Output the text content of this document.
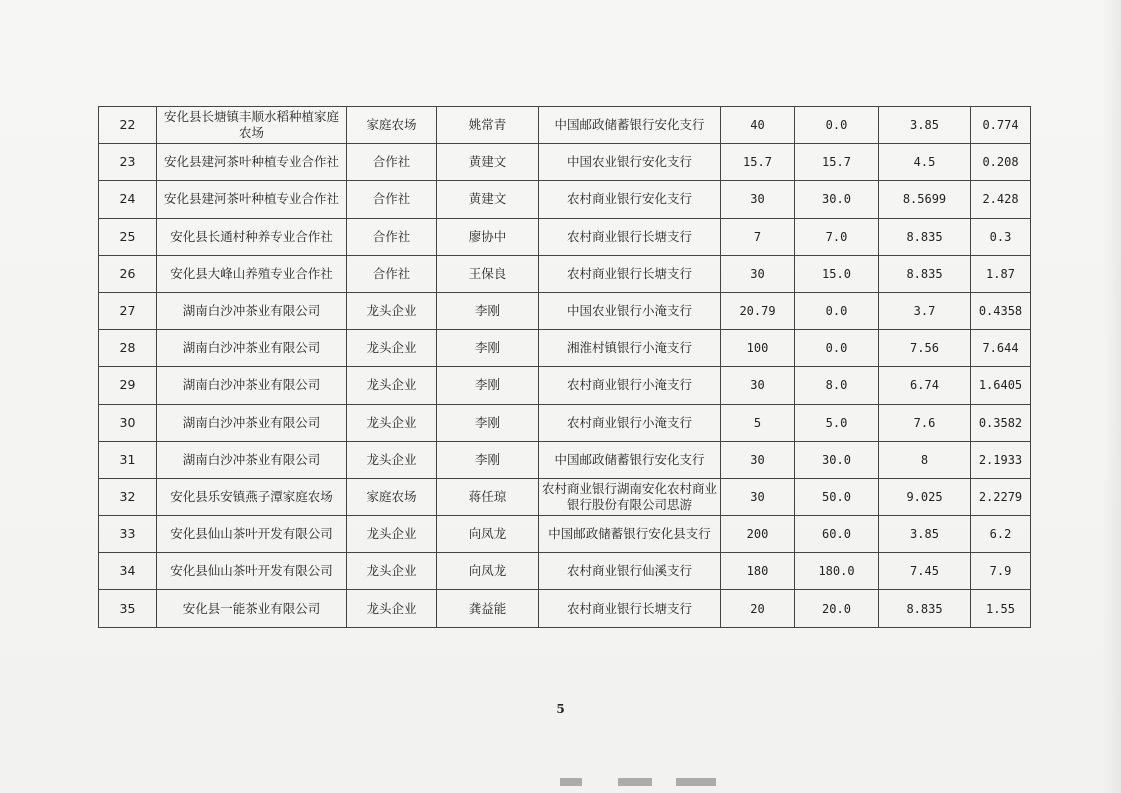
22	安化县长塘镇丰顺水稻种植家庭农场	家庭农场	姚常青	中国邮政储蓄银行安化支行	40	0.0	3.85	0.774
23	安化县建河茶叶种植专业合作社	合作社	黄建文	中国农业银行安化支行	15.7	15.7	4.5	0.208
24	安化县建河茶叶种植专业合作社	合作社	黄建文	农村商业银行安化支行	30	30.0	8.5699	2.428
25	安化县长通村种养专业合作社	合作社	廖协中	农村商业银行长塘支行	7	7.0	8.835	0.3
26	安化县大峰山养殖专业合作社	合作社	王保良	农村商业银行长塘支行	30	15.0	8.835	1.87
27	湖南白沙冲茶业有限公司	龙头企业	李刚	中国农业银行小淹支行	20.79	0.0	3.7	0.4358
28	湖南白沙冲茶业有限公司	龙头企业	李刚	湘淮村镇银行小淹支行	100	0.0	7.56	7.644
29	湖南白沙冲茶业有限公司	龙头企业	李刚	农村商业银行小淹支行	30	8.0	6.74	1.6405
30	湖南白沙冲茶业有限公司	龙头企业	李刚	农村商业银行小淹支行	5	5.0	7.6	0.3582
31	湖南白沙冲茶业有限公司	龙头企业	李刚	中国邮政储蓄银行安化支行	30	30.0	8	2.1933
32	安化县乐安镇燕子潭家庭农场	家庭农场	蒋任琼	农村商业银行湖南安化农村商业银行股份有限公司思游	30	50.0	9.025	2.2279
33	安化县仙山茶叶开发有限公司	龙头企业	向凤龙	中国邮政储蓄银行安化县支行	200	60.0	3.85	6.2
34	安化县仙山茶叶开发有限公司	龙头企业	向凤龙	农村商业银行仙溪支行	180	180.0	7.45	7.9
35	安化县一能茶业有限公司	龙头企业	龚益能	农村商业银行长塘支行	20	20.0	8.835	1.55
5
